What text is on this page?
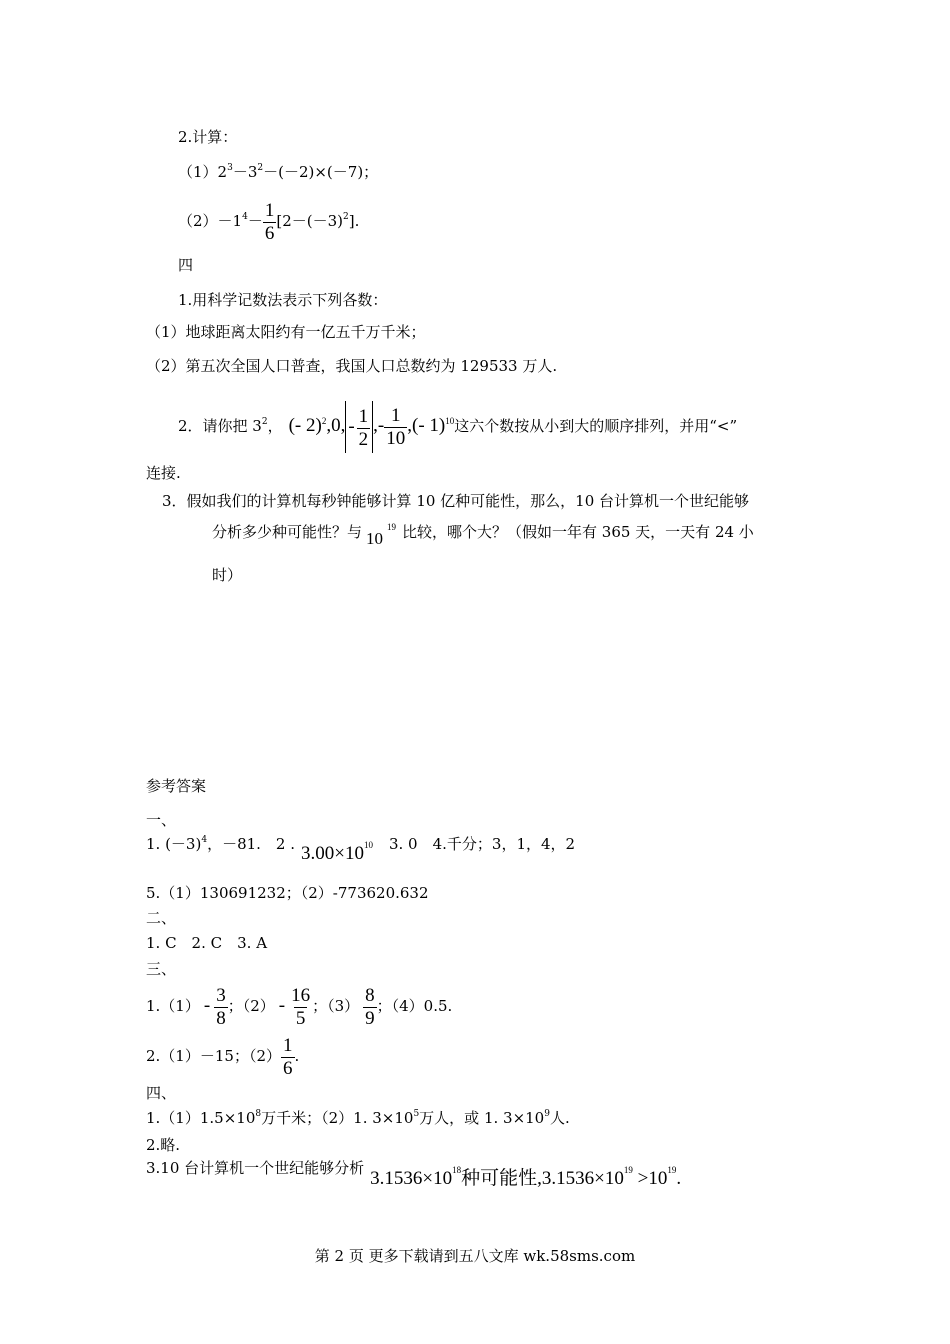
2.计算：
$(1)2^3-3^2-(-2)\times(-7)$；
$(2)-1^4- \frac{1}{6} [2-(-3)^2]$.
四
1.用科学记数法表示下列各数：
（1）地球距离太阳约有一亿五千万千米；
（2）第五次全国人口普查，我国人口总数约为 129533 万人.
2．请你把 $3^2$， (- 2)$^2$,0, - $\frac{1}{2}$ ,- $\frac{1}{10}$ ,(- 1)$^{10}$这六个数按从小到大的顺序排列，并用“<”
连接.
3．假如我们的计算机每秒钟能够计算 10 亿种可能性，那么，10 台计算机一个世纪能够
分析多少种可能性？与 $10^{19}$ 比较，哪个大？（假如一年有 365 天，一天有 24 小
时）
参考答案
一、
1. $(-3)^4$，－81.　2 . $3.00\times 10^{10}$ 3. 0　4.千分；3，1，4，2
5.（1）130691232；（2）-773620.632
二、
1. C　2. C　3. A
三、
$1.(1) - \frac{3}{8}$ ；$(2) - \frac{16}{5}$ ；$(3) \frac{8}{9}$ ；（4）0.5.
2.（1）－15；$(2) \frac{1}{6}$ .
四、
$1.(1)1.5\times 10^8$万千米；（2）1. $3\times 10^5$万人，或 1. $3\times 10^9$人.
2.略.
3.10 台计算机一个世纪能够分析 $3.1536\times 10^{18}$种可能性$,3.1536\times 10^{19} >10^{19}$.
第 2 页 更多下载请到五八文库 wk.58sms.com
